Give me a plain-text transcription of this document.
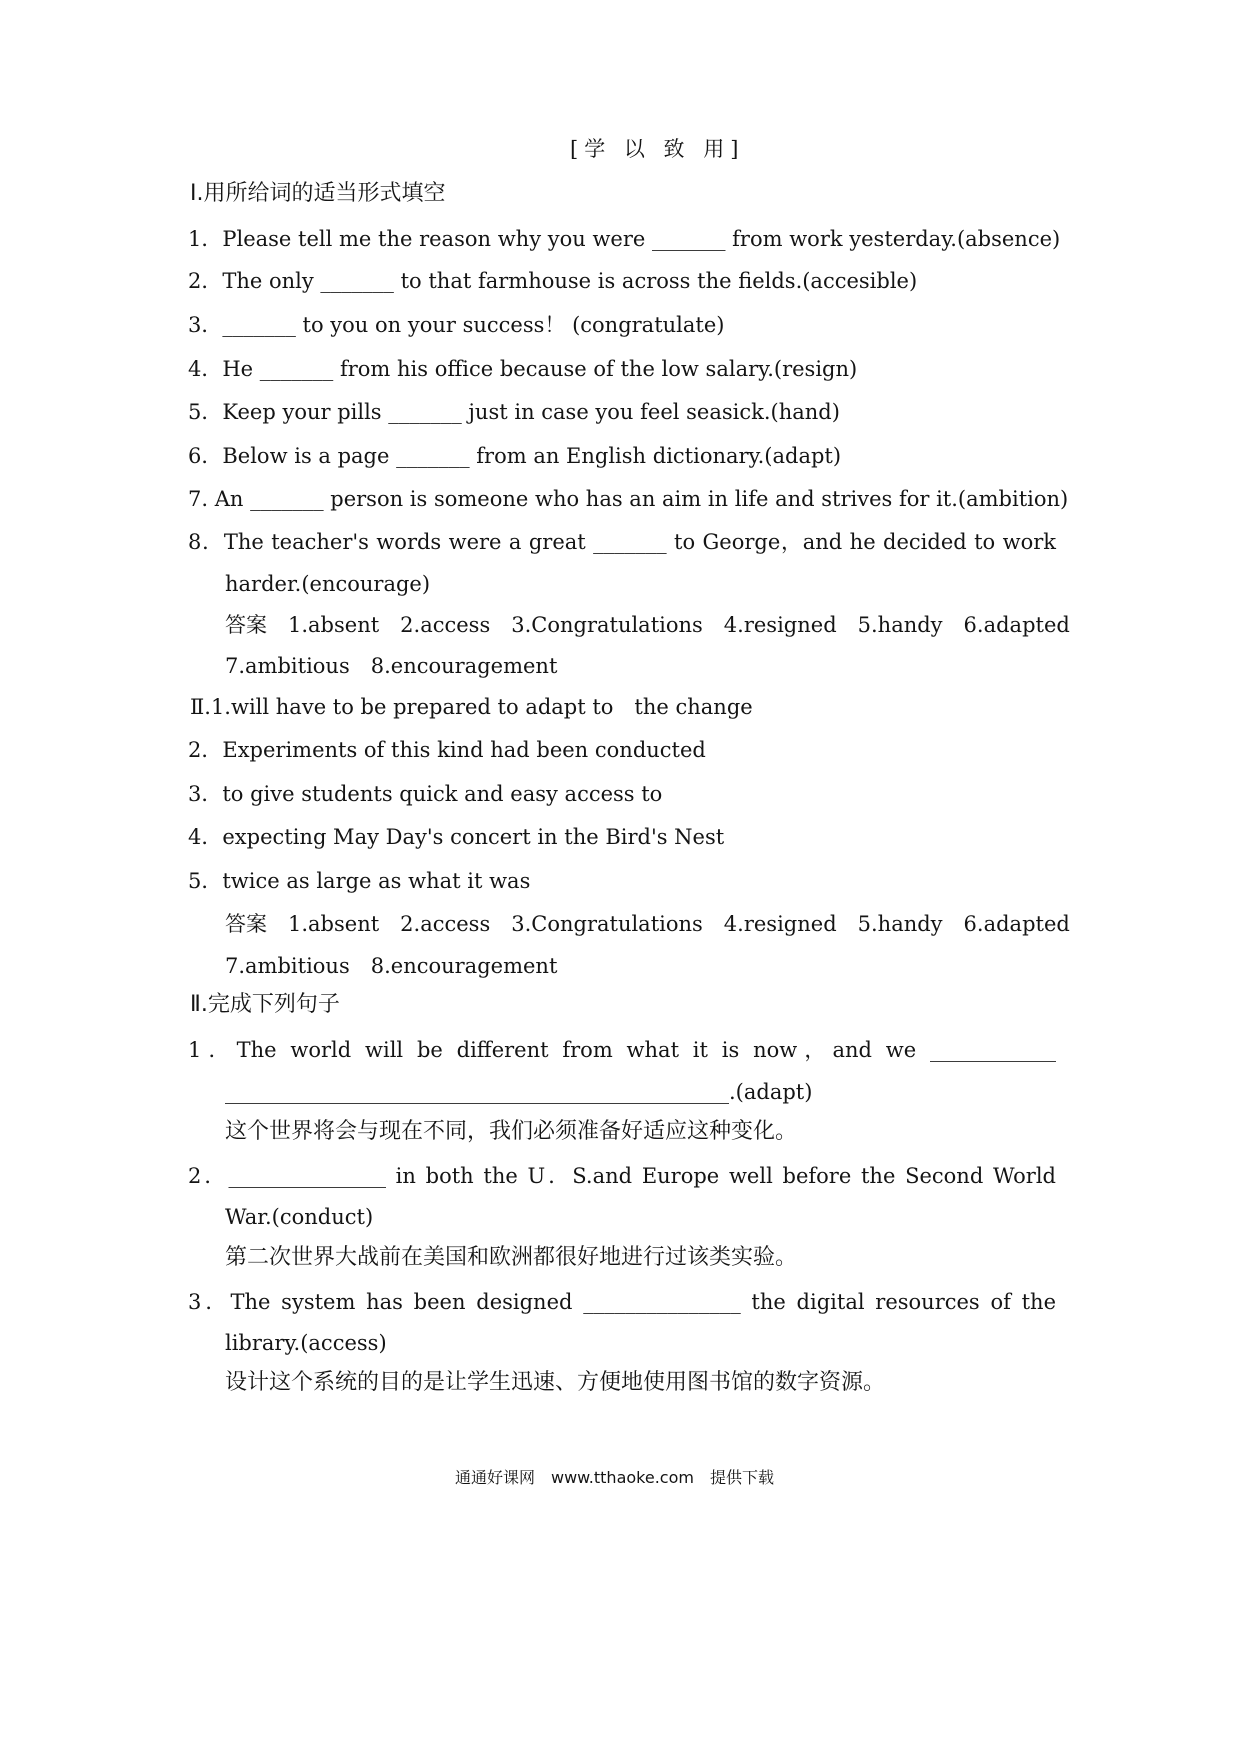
[学 以 致 用]
Ⅰ.用所给词的适当形式填空
1．Please tell me the reason why you were _______ from work yesterday.(absence)
2．The only _______ to that farmhouse is across the fields.(accesible)
3．_______ to you on your success！ (congratulate)
4．He _______ from his office because of the low salary.(resign)
5．Keep your pills _______ just in case you feel seasick.(hand)
6．Below is a page _______ from an English dictionary.(adapt)
7. An _______ person is someone who has an aim in life and strives for it.(ambition)
8．The teacher's words were a great _______ to George，and he decided to work
harder.(encourage)
答案　1.absent　2.access　3.Congratulations　4.resigned　5.handy　6.adapted
7.ambitious　8.encouragement
Ⅱ.1.will have to be prepared to adapt to　the change
2．Experiments of this kind had been conducted
3．to give students quick and easy access to
4．expecting May Day's concert in the Bird's Nest
5．twice as large as what it was
答案　1.absent　2.access　3.Congratulations　4.resigned　5.handy　6.adapted
7.ambitious　8.encouragement
Ⅱ.完成下列句子
1．The world will be different from what it is now，and we ____________
________________________________________________.(adapt)
这个世界将会与现在不同，我们必须准备好适应这种变化。
2．_______________ in both the U．S.and Europe well before the Second World
War.(conduct)
第二次世界大战前在美国和欧洲都很好地进行过该类实验。
3．The system has been designed _______________ the digital resources of the
library.(access)
设计这个系统的目的是让学生迅速、方便地使用图书馆的数字资源。
通通好课网　www.tthaoke.com　提供下载
